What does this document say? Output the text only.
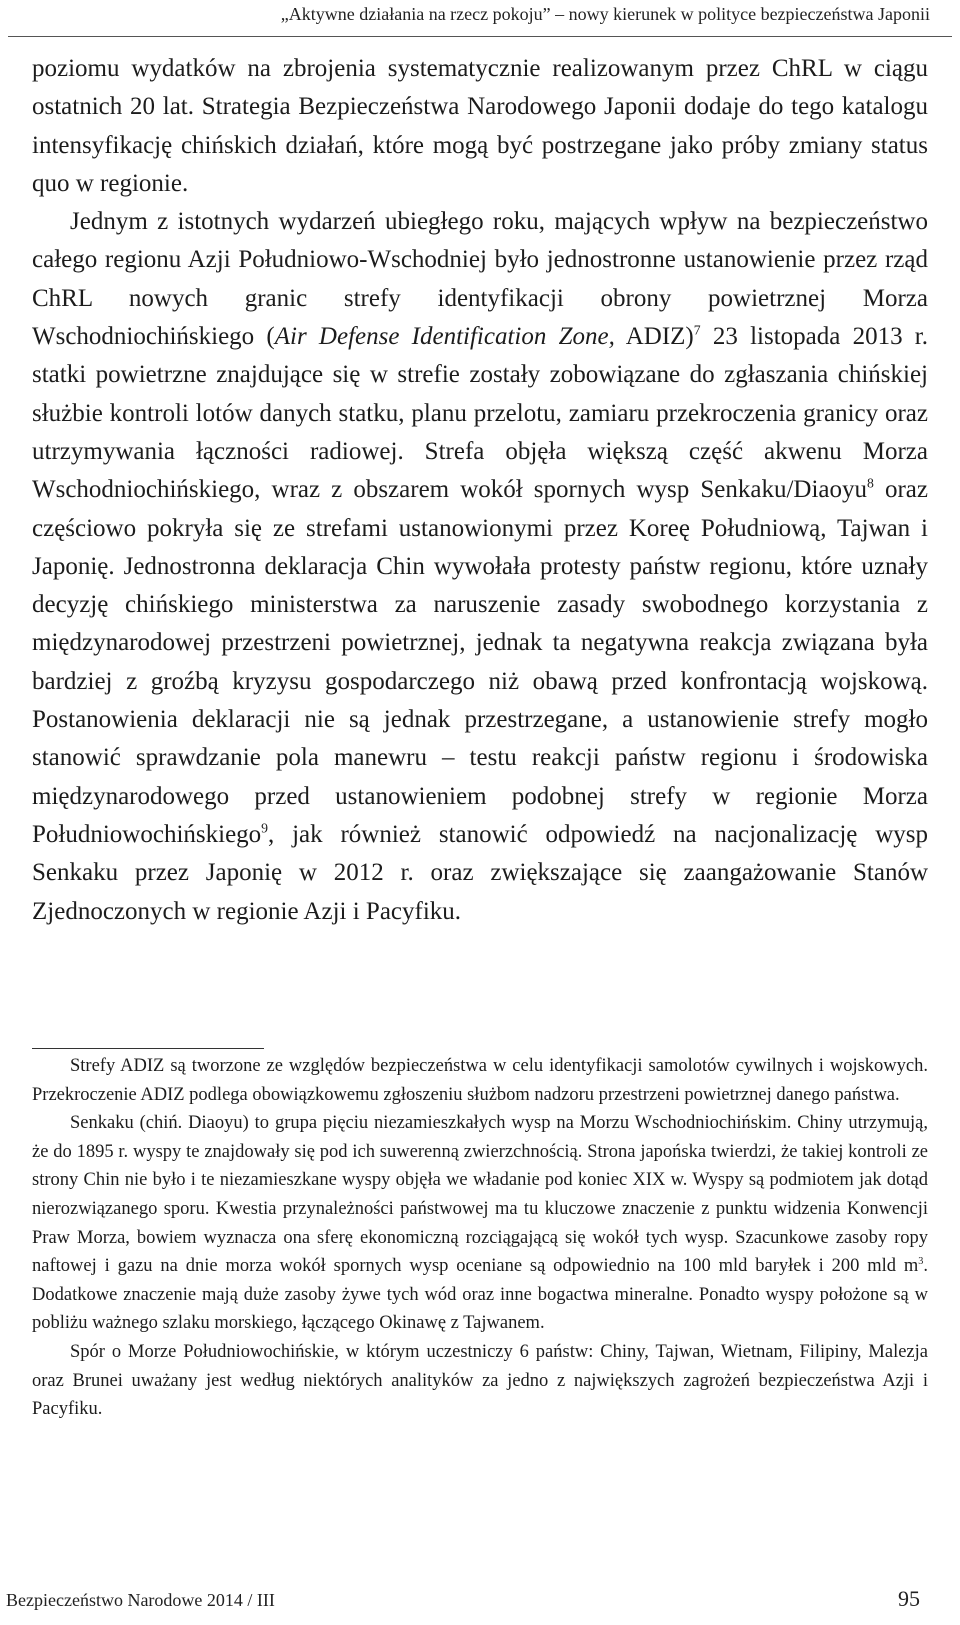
„Aktywne działania na rzecz pokoju” – nowy kierunek w polityce bezpieczeństwa Japonii

poziomu wydatków na zbrojenia systematycznie realizowanym przez ChRL w ciągu ostatnich 20 lat. Strategia Bezpieczeństwa Narodowego Japonii dodaje do tego katalogu intensyfikację chińskich działań, które mogą być postrzegane jako próby zmiany status quo w regionie.

Jednym z istotnych wydarzeń ubiegłego roku, mających wpływ na bezpieczeństwo całego regionu Azji Południowo-Wschodniej było jednostronne ustanowienie przez rząd ChRL nowych granic strefy identyfikacji obrony powietrznej Morza Wschodniochińskiego (Air Defense Identification Zone, ADIZ)$^7$ 23 listopada 2013 r. statki powietrzne znajdujące się w strefie zostały zobowiązane do zgłaszania chińskiej służbie kontroli lotów danych statku, planu przelotu, zamiaru przekroczenia granicy oraz utrzymywania łączności radiowej. Strefa objęła większą część akwenu Morza Wschodniochińskiego, wraz z obszarem wokół spornych wysp Senkaku/Diaoyu$^8$ oraz częściowo pokryła się ze strefami ustanowionymi przez Koreę Południową, Tajwan i Japonię. Jednostronna deklaracja Chin wywołała protesty państw regionu, które uznały decyzję chińskiego ministerstwa za naruszenie zasady swobodnego korzystania z międzynarodowej przestrzeni powietrznej, jednak ta negatywna reakcja związana była bardziej z groźbą kryzysu gospodarczego niż obawą przed konfrontacją wojskową. Postanowienia deklaracji nie są jednak przestrzegane, a ustanowienie strefy mogło stanowić sprawdzanie pola manewru – testu reakcji państw regionu i środowiska międzynarodowego przed ustanowieniem podobnej strefy w regionie Morza Południowochińskiego$^9$, jak również stanowić odpowiedź na nacjonalizację wysp Senkaku przez Japonię w 2012 r. oraz zwiększające się zaangażowanie Stanów Zjednoczonych w regionie Azji i Pacyfiku.

Strefy ADIZ są tworzone ze względów bezpieczeństwa w celu identyfikacji samolotów cywilnych i wojskowych. Przekroczenie ADIZ podlega obowiązkowemu zgłoszeniu służbom nadzoru przestrzeni powietrznej danego państwa.

Senkaku (chiń. Diaoyu) to grupa pięciu niezamieszkałych wysp na Morzu Wschodniochińskim. Chiny utrzymują, że do 1895 r. wyspy te znajdowały się pod ich suwerenną zwierzchnością. Strona japońska twierdzi, że takiej kontroli ze strony Chin nie było i te niezamieszkane wyspy objęła we władanie pod koniec XIX w. Wyspy są podmiotem jak dotąd nierozwiązanego sporu. Kwestia przynależności państwowej ma tu kluczowe znaczenie z punktu widzenia Konwencji Praw Morza, bowiem wyznacza ona sferę ekonomiczną rozciągającą się wokół tych wysp. Szacunkowe zasoby ropy naftowej i gazu na dnie morza wokół spornych wysp oceniane są odpowiednio na 100 mld baryłek i 200 mld $m^3$. Dodatkowe znaczenie mają duże zasoby żywe tych wód oraz inne bogactwa mineralne. Ponadto wyspy położone są w pobliżu ważnego szlaku morskiego, łączącego Okinawę z Tajwanem.

Spór o Morze Południowochińskie, w którym uczestniczy 6 państw: Chiny, Tajwan, Wietnam, Filipiny, Malezja oraz Brunei uważany jest według niektórych analityków za jedno z największych zagrożeń bezpieczeństwa Azji i Pacyfiku.

Bezpieczeństwo Narodowe 2014 / III	95
